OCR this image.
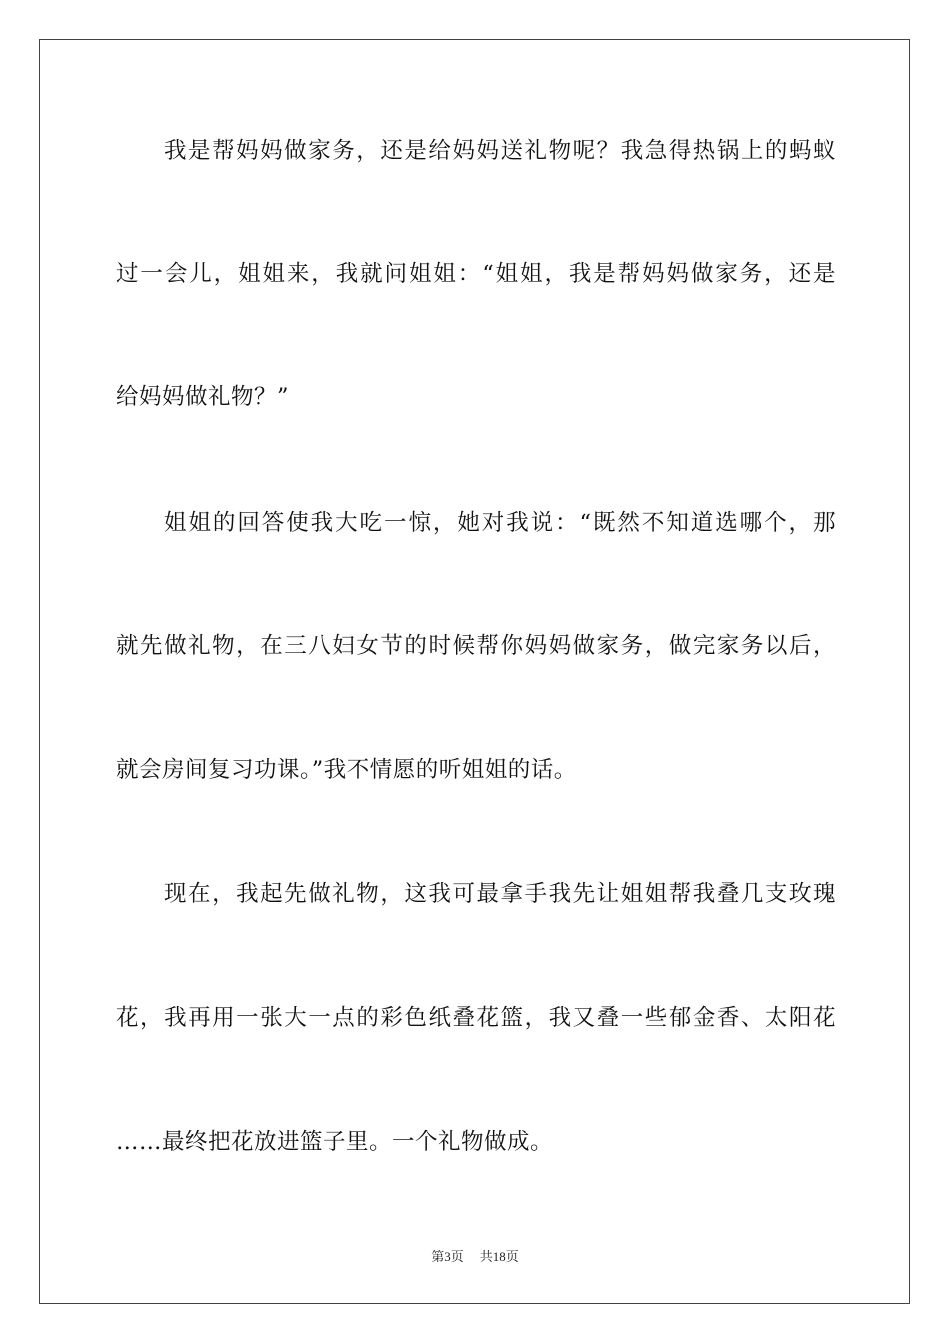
我是帮妈妈做家务，还是给妈妈送礼物呢？我急得热锅上的蚂蚁
过一会儿，姐姐来，我就问姐姐：“姐姐，我是帮妈妈做家务，还是
给妈妈做礼物？”
姐姐的回答使我大吃一惊，她对我说：“既然不知道选哪个，那
就先做礼物，在三八妇女节的时候帮你妈妈做家务，做完家务以后，
就会房间复习功课。”我不情愿的听姐姐的话。
现在，我起先做礼物，这我可最拿手我先让姐姐帮我叠几支玫瑰
花，我再用一张大一点的彩色纸叠花篮，我又叠一些郁金香、太阳花
……最终把花放进篮子里。一个礼物做成。
第3页 共18页
